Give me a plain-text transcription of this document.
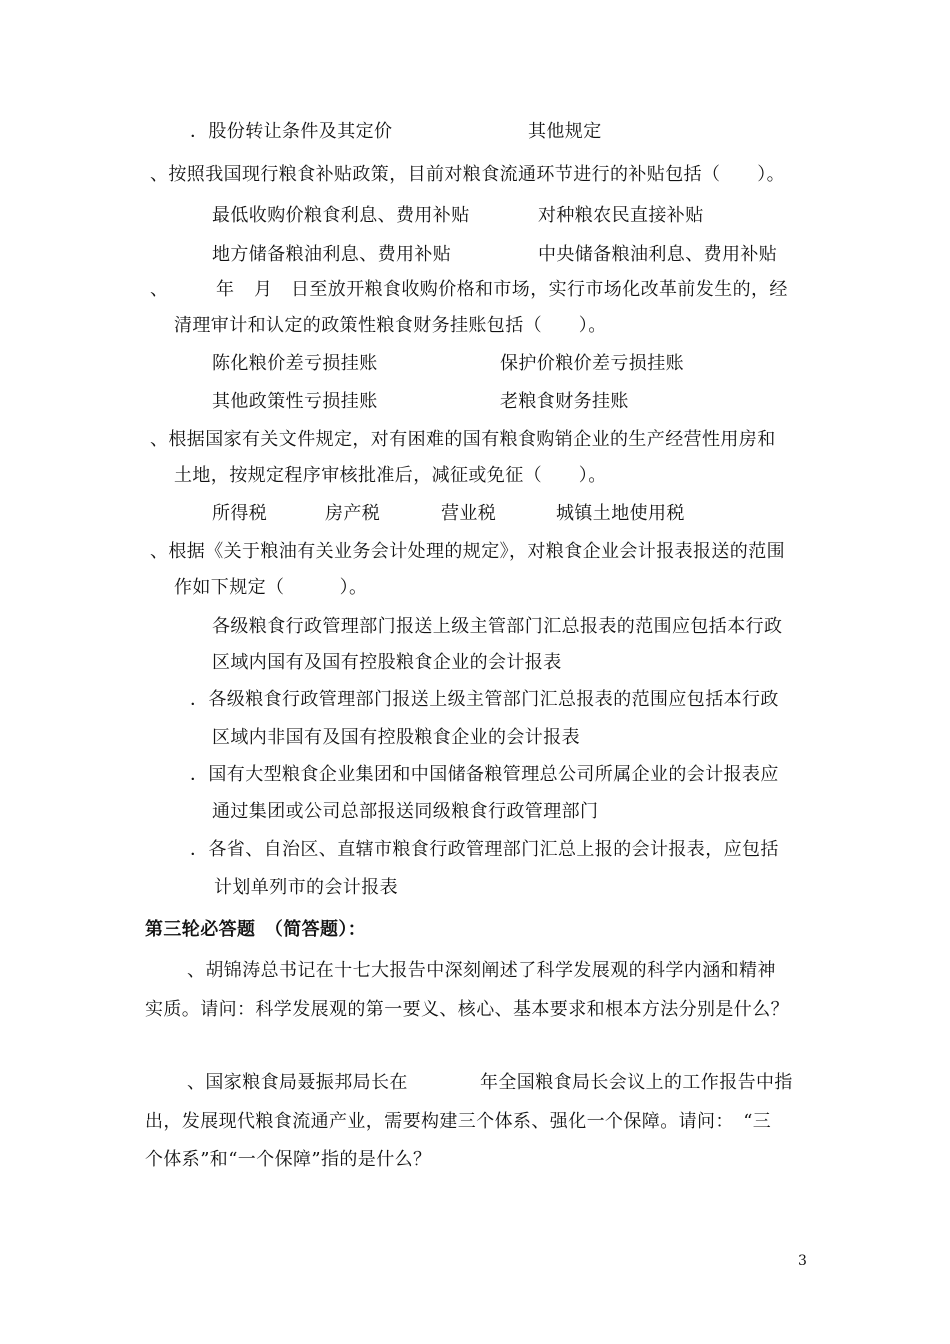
．股份转让条件及其定价	其他规定
、按照我国现行粮食补贴政策，目前对粮食流通环节进行的补贴包括（　　）。
最低收购价粮食利息、费用补贴	对种粮农民直接补贴
地方储备粮油利息、费用补贴	中央储备粮油利息、费用补贴
、	年 月 日至放开粮食收购价格和市场，实行市场化改革前发生的，经
清理审计和认定的政策性粮食财务挂账包括（　　）。
陈化粮价差亏损挂账	保护价粮价差亏损挂账
其他政策性亏损挂账	老粮食财务挂账
、根据国家有关文件规定，对有困难的国有粮食购销企业的生产经营性用房和
土地，按规定程序审核批准后，减征或免征（　　）。
所得税	房产税	营业税	城镇土地使用税
、根据《关于粮油有关业务会计处理的规定》，对粮食企业会计报表报送的范围
作如下规定（　　　）。
各级粮食行政管理部门报送上级主管部门汇总报表的范围应包括本行政
区域内国有及国有控股粮食企业的会计报表
．各级粮食行政管理部门报送上级主管部门汇总报表的范围应包括本行政
区域内非国有及国有控股粮食企业的会计报表
．国有大型粮食企业集团和中国储备粮管理总公司所属企业的会计报表应
通过集团或公司总部报送同级粮食行政管理部门
．各省、自治区、直辖市粮食行政管理部门汇总上报的会计报表，应包括
计划单列市的会计报表
第三轮必答题　（简答题）：
、胡锦涛总书记在十七大报告中深刻阐述了科学发展观的科学内涵和精神
实质。请问：科学发展观的第一要义、核心、基本要求和根本方法分别是什么？
、国家粮食局聂振邦局长在	年全国粮食局长会议上的工作报告中指
出，发展现代粮食流通产业，需要构建三个体系、强化一个保障。请问：　“三
个体系”和“一个保障”指的是什么？
3
